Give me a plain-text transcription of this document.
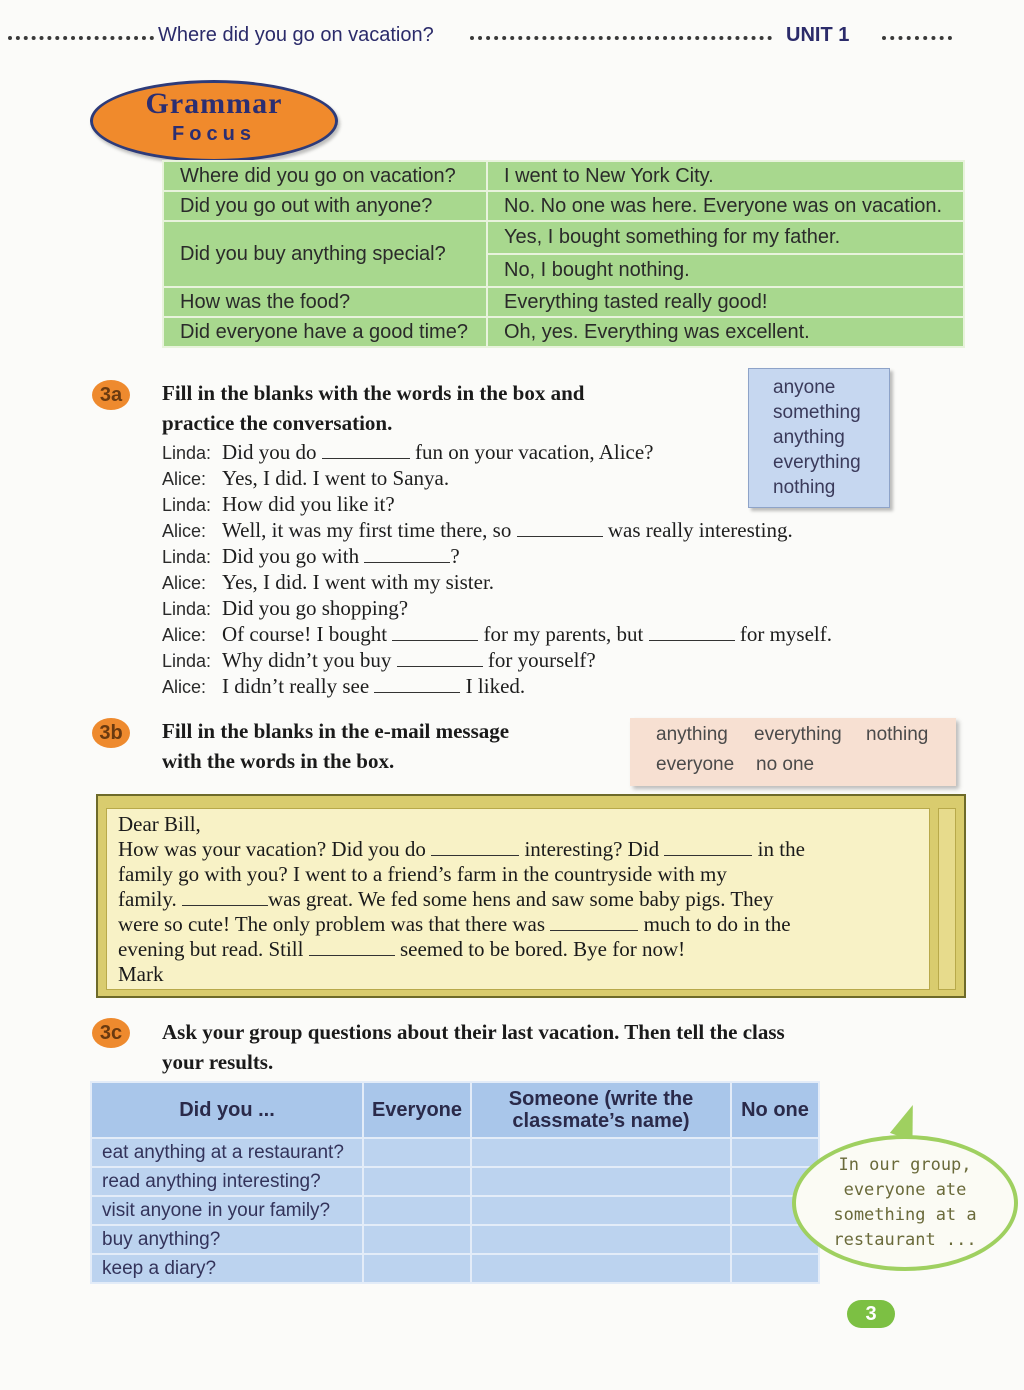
Where did you go on vacation?	UNIT 1
Grammar
Focus
Where did you go on vacation?	I went to New York City.
Did you go out with anyone?	No. No one was here. Everyone was on vacation.
Did you buy anything special?	Yes, I bought something for my father.
	No, I bought nothing.
How was the food?	Everything tasted really good!
Did everyone have a good time?	Oh, yes. Everything was excellent.
3a	Fill in the blanks with the words in the box and
practice the conversation.
anyone
something
anything
everything
nothing
Linda: Did you do	fun on your vacation, Alice?
Alice: Yes, I did. I went to Sanya.
Linda: How did you like it?
Alice: Well, it was my first time there, so	was really interesting.
Linda: Did you go with	?
Alice: Yes, I did. I went with my sister.
Linda: Did you go shopping?
Alice: Of course! I bought	for my parents, but	for myself.
Linda: Why didn’t you buy	for yourself?
Alice: I didn’t really see	I liked.
3b	Fill in the blanks in the e-mail message
with the words in the box.
anything everything nothing
everyone no one
Dear Bill,
How was your vacation? Did you do	interesting? Did	in the
family go with you? I went to a friend’s farm in the countryside with my
family.	was great. We fed some hens and saw some baby pigs. They
were so cute! The only problem was that there was	much to do in the
evening but read. Still	seemed to be bored. Bye for now!
Mark
3c	Ask your group questions about their last vacation. Then tell the class
your results.
Did you ...	Everyone	Someone (write the classmate’s name)	No one
eat anything at a restaurant?			
read anything interesting?			
visit anyone in your family?			
buy anything?			
keep a diary?			
In our group,
everyone ate
something at a
restaurant ...
3
